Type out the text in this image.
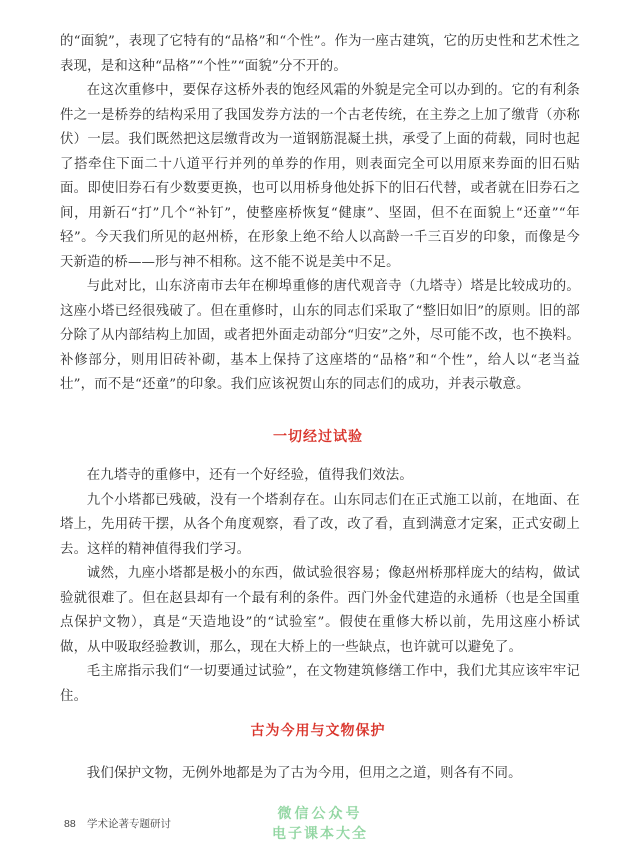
的“面貌”，表现了它特有的“品格”和“个性”。作为一座古建筑，它的历史性和艺术性之表现，是和这种“品格”“个性”“面貌”分不开的。

在这次重修中，要保存这桥外表的饱经风霜的外貌是完全可以办到的。它的有利条件之一是桥券的结构采用了我国发券方法的一个古老传统，在主券之上加了缴背（亦称伏）一层。我们既然把这层缴背改为一道钢筋混凝土拱，承受了上面的荷载，同时也起了搭牵住下面二十八道平行并列的单券的作用，则表面完全可以用原来券面的旧石贴面。即使旧券石有少数要更换，也可以用桥身他处拆下的旧石代替，或者就在旧券石之间，用新石“打”几个“补钉”，使整座桥恢复“健康”、坚固，但不在面貌上“还童”“年轻”。今天我们所见的赵州桥，在形象上绝不给人以高龄一千三百岁的印象，而像是今天新造的桥——形与神不相称。这不能不说是美中不足。

与此对比，山东济南市去年在柳埠重修的唐代观音寺（九塔寺）塔是比较成功的。这座小塔已经很残破了。但在重修时，山东的同志们采取了“整旧如旧”的原则。旧的部分除了从内部结构上加固，或者把外面走动部分“归安”之外，尽可能不改，也不换料。补修部分，则用旧砖补砌，基本上保持了这座塔的“品格”和“个性”，给人以“老当益壮”，而不是“还童”的印象。我们应该祝贺山东的同志们的成功，并表示敬意。

一切经过试验

在九塔寺的重修中，还有一个好经验，值得我们效法。

九个小塔都已残破，没有一个塔刹存在。山东同志们在正式施工以前，在地面、在塔上，先用砖干摆，从各个角度观察，看了改，改了看，直到满意才定案，正式安砌上去。这样的精神值得我们学习。

诚然，九座小塔都是极小的东西，做试验很容易；像赵州桥那样庞大的结构，做试验就很难了。但在赵县却有一个最有利的条件。西门外金代建造的永通桥（也是全国重点保护文物），真是“天造地设”的“试验室”。假使在重修大桥以前，先用这座小桥试做，从中吸取经验教训，那么，现在大桥上的一些缺点，也许就可以避免了。

毛主席指示我们“一切要通过试验”，在文物建筑修缮工作中，我们尤其应该牢牢记住。

古为今用与文物保护

我们保护文物，无例外地都是为了古为今用，但用之之道，则各有不同。

88 学术论著专题研讨
微信公众号
电子课本大全
